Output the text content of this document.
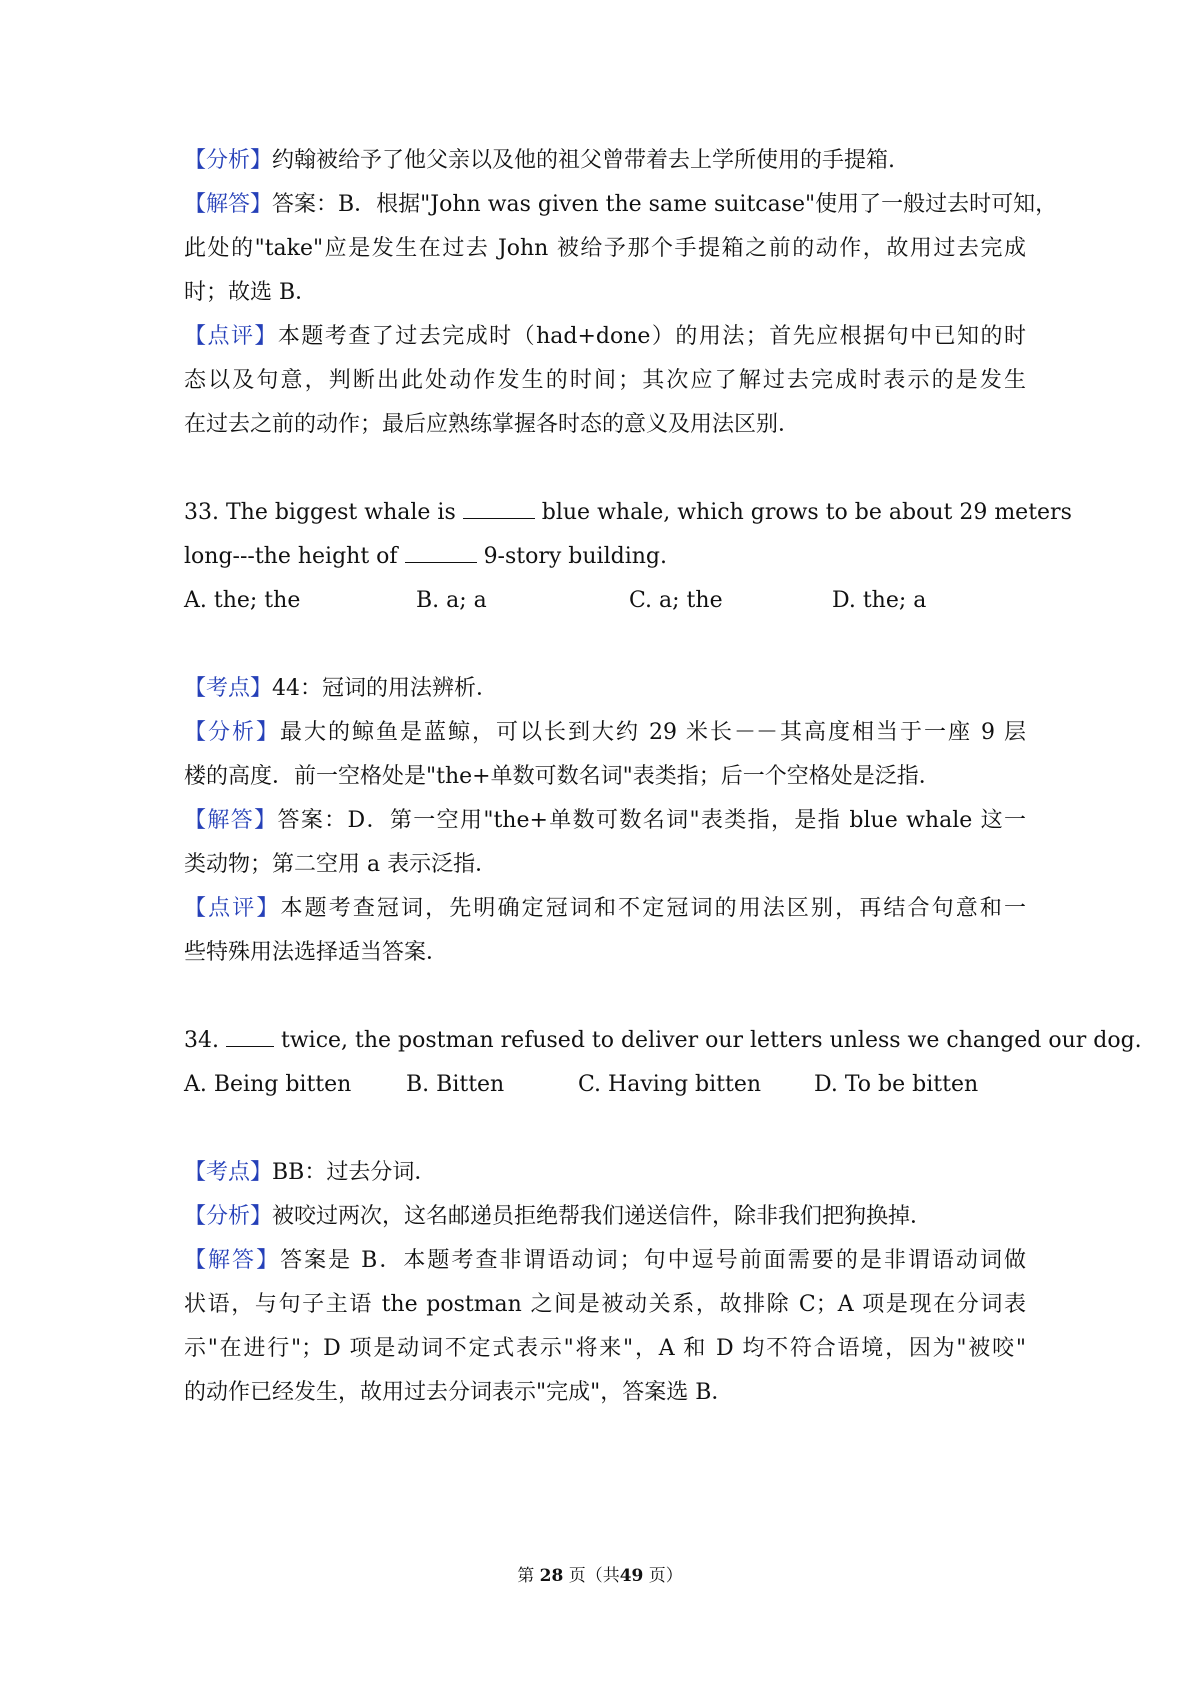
【分析】约翰被给予了他父亲以及他的祖父曾带着去上学所使用的手提箱.
【解答】答案：B．根据"John was given the same suitcase"使用了一般过去时可知，
此处的"take"应是发生在过去 John 被给予那个手提箱之前的动作，故用过去完成
时；故选 B．
【点评】本题考查了过去完成时（had+done）的用法；首先应根据句中已知的时
态以及句意，判断出此处动作发生的时间；其次应了解过去完成时表示的是发生
在过去之前的动作；最后应熟练掌握各时态的意义及用法区别．
33. The biggest whale is	blue whale, which grows to be about 29 meters
long---the height of	9-story building.
A. the; the	B. a; a	C. a; the	D. the; a
【考点】44：冠词的用法辨析．
【分析】最大的鲸鱼是蓝鲸，可以长到大约 29 米长－－其高度相当于一座 9 层
楼的高度．前一空格处是"the+单数可数名词"表类指；后一个空格处是泛指．
【解答】答案：D．第一空用"the+单数可数名词"表类指，是指 blue whale 这一
类动物；第二空用 a 表示泛指．
【点评】本题考查冠词，先明确定冠词和不定冠词的用法区别，再结合句意和一
些特殊用法选择适当答案．
34.	twice, the postman refused to deliver our letters unless we changed our dog.
A. Being bitten B. Bitten	C. Having bitten D. To be bitten
【考点】BB：过去分词．
【分析】被咬过两次，这名邮递员拒绝帮我们递送信件，除非我们把狗换掉．
【解答】答案是 B．本题考查非谓语动词；句中逗号前面需要的是非谓语动词做
状语，与句子主语 the postman 之间是被动关系，故排除 C；A 项是现在分词表
示"在进行"；D 项是动词不定式表示"将来"，A 和 D 均不符合语境，因为"被咬"
的动作已经发生，故用过去分词表示"完成"，答案选 B．
第 28 页（共49 页）
